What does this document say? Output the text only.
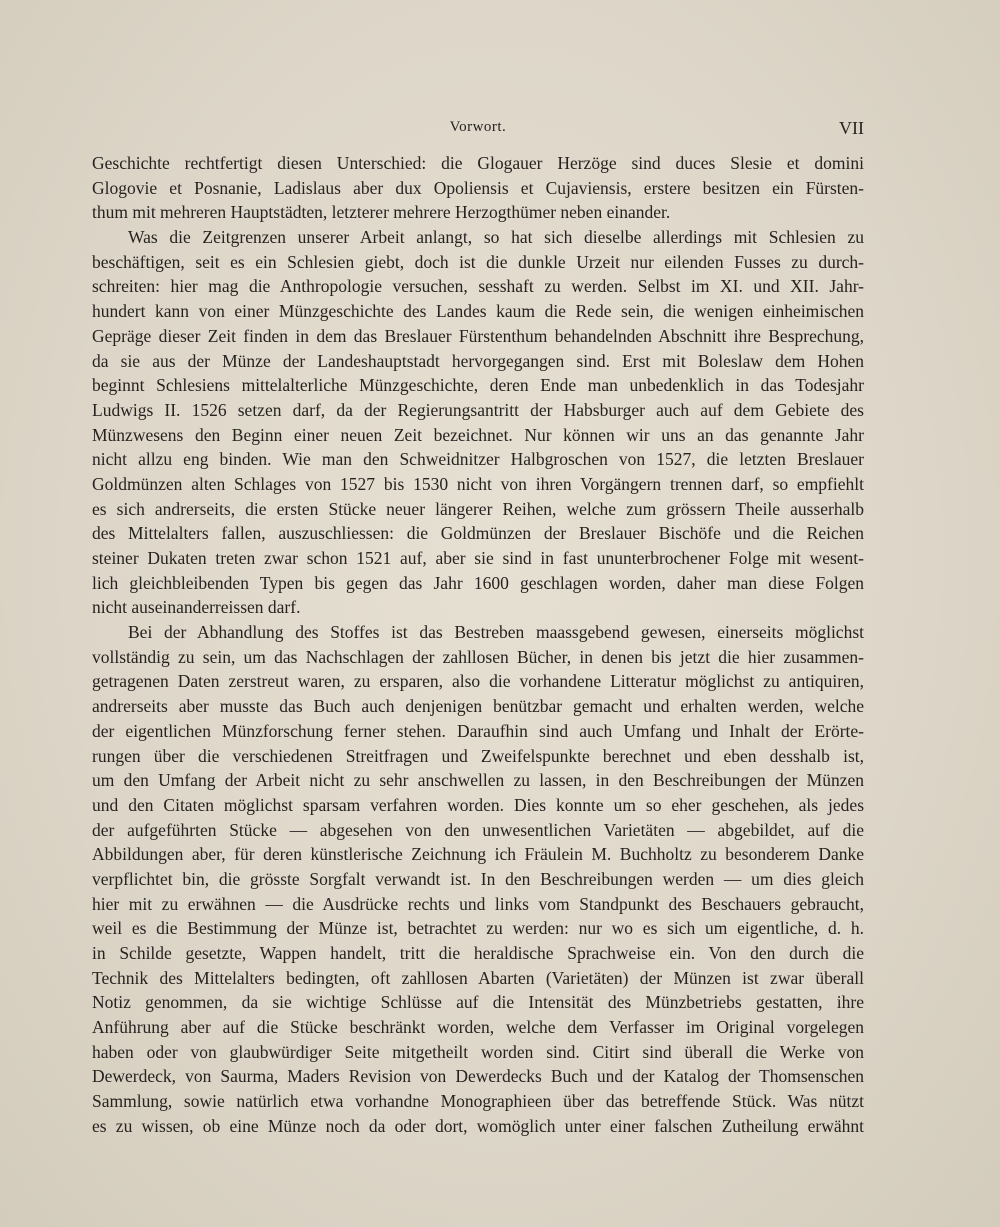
Vorwort.	VII
Geschichte rechtfertigt diesen Unterschied: die Glogauer Herzöge sind duces Slesie et domini
Glogovie et Posnanie, Ladislaus aber dux Opoliensis et Cujaviensis, erstere besitzen ein Fürsten-
thum mit mehreren Hauptstädten, letzterer mehrere Herzogthümer neben einander.
Was die Zeitgrenzen unserer Arbeit anlangt, so hat sich dieselbe allerdings mit Schlesien zu
beschäftigen, seit es ein Schlesien giebt, doch ist die dunkle Urzeit nur eilenden Fusses zu durch-
schreiten: hier mag die Anthropologie versuchen, sesshaft zu werden. Selbst im XI. und XII. Jahr-
hundert kann von einer Münzgeschichte des Landes kaum die Rede sein, die wenigen einheimischen
Gepräge dieser Zeit finden in dem das Breslauer Fürstenthum behandelnden Abschnitt ihre Besprechung,
da sie aus der Münze der Landeshauptstadt hervorgegangen sind. Erst mit Boleslaw dem Hohen
beginnt Schlesiens mittelalterliche Münzgeschichte, deren Ende man unbedenklich in das Todesjahr
Ludwigs II. 1526 setzen darf, da der Regierungsantritt der Habsburger auch auf dem Gebiete des
Münzwesens den Beginn einer neuen Zeit bezeichnet. Nur können wir uns an das genannte Jahr
nicht allzu eng binden. Wie man den Schweidnitzer Halbgroschen von 1527, die letzten Breslauer
Goldmünzen alten Schlages von 1527 bis 1530 nicht von ihren Vorgängern trennen darf, so empfiehlt
es sich andrerseits, die ersten Stücke neuer längerer Reihen, welche zum grössern Theile ausserhalb
des Mittelalters fallen, auszuschliessen: die Goldmünzen der Breslauer Bischöfe und die Reichen
steiner Dukaten treten zwar schon 1521 auf, aber sie sind in fast ununterbrochener Folge mit wesent-
lich gleichbleibenden Typen bis gegen das Jahr 1600 geschlagen worden, daher man diese Folgen
nicht auseinanderreissen darf.
Bei der Abhandlung des Stoffes ist das Bestreben maassgebend gewesen, einerseits möglichst
vollständig zu sein, um das Nachschlagen der zahllosen Bücher, in denen bis jetzt die hier zusammen-
getragenen Daten zerstreut waren, zu ersparen, also die vorhandene Litteratur möglichst zu antiquiren,
andrerseits aber musste das Buch auch denjenigen benützbar gemacht und erhalten werden, welche
der eigentlichen Münzforschung ferner stehen. Daraufhin sind auch Umfang und Inhalt der Erörte-
rungen über die verschiedenen Streitfragen und Zweifelspunkte berechnet und eben desshalb ist,
um den Umfang der Arbeit nicht zu sehr anschwellen zu lassen, in den Beschreibungen der Münzen
und den Citaten möglichst sparsam verfahren worden. Dies konnte um so eher geschehen, als jedes
der aufgeführten Stücke — abgesehen von den unwesentlichen Varietäten — abgebildet, auf die
Abbildungen aber, für deren künstlerische Zeichnung ich Fräulein M. Buchholtz zu besonderem Danke
verpflichtet bin, die grösste Sorgfalt verwandt ist. In den Beschreibungen werden — um dies gleich
hier mit zu erwähnen — die Ausdrücke rechts und links vom Standpunkt des Beschauers gebraucht,
weil es die Bestimmung der Münze ist, betrachtet zu werden: nur wo es sich um eigentliche, d. h.
in Schilde gesetzte, Wappen handelt, tritt die heraldische Sprachweise ein. Von den durch die
Technik des Mittelalters bedingten, oft zahllosen Abarten (Varietäten) der Münzen ist zwar überall
Notiz genommen, da sie wichtige Schlüsse auf die Intensität des Münzbetriebs gestatten, ihre
Anführung aber auf die Stücke beschränkt worden, welche dem Verfasser im Original vorgelegen
haben oder von glaubwürdiger Seite mitgetheilt worden sind. Citirt sind überall die Werke von
Dewerdeck, von Saurma, Maders Revision von Dewerdecks Buch und der Katalog der Thomsenschen
Sammlung, sowie natürlich etwa vorhandne Monographieen über das betreffende Stück. Was nützt
es zu wissen, ob eine Münze noch da oder dort, womöglich unter einer falschen Zutheilung erwähnt
